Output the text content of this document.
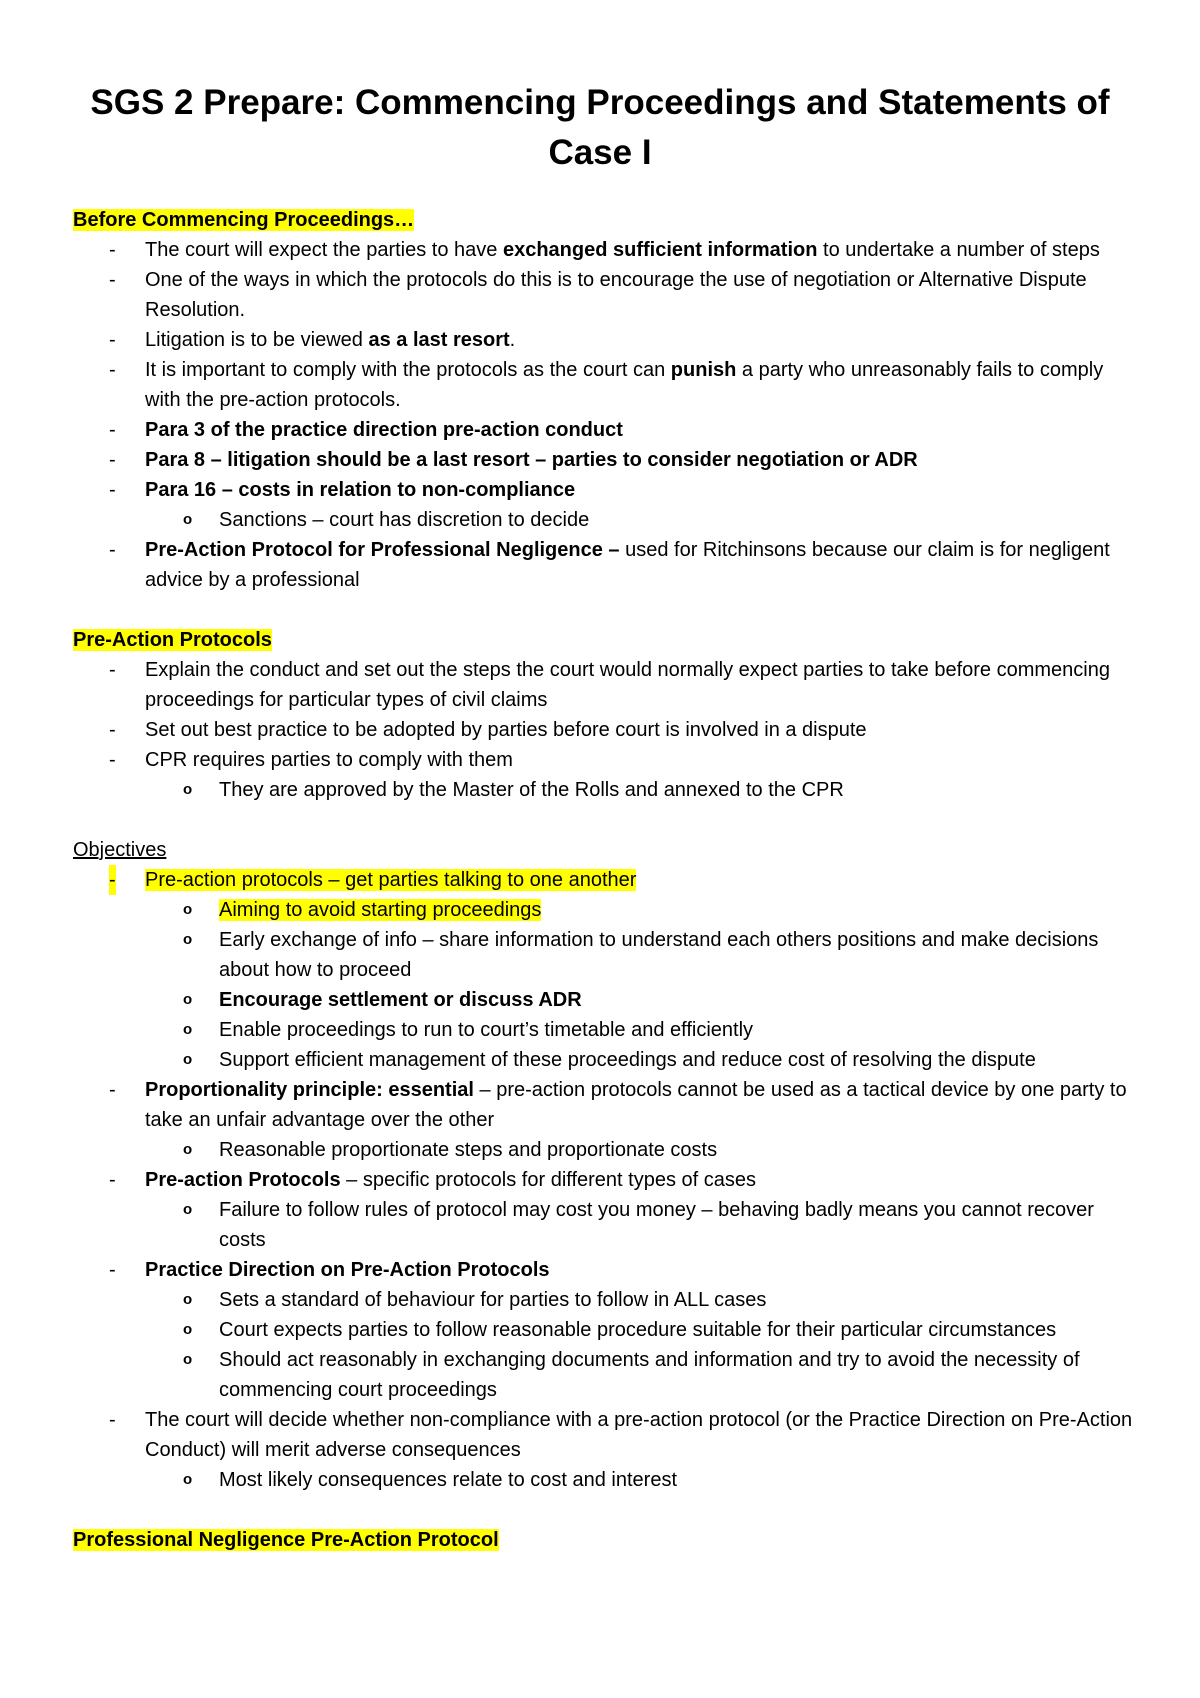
SGS 2 Prepare: Commencing Proceedings and Statements of
Case I

Before Commencing Proceedings…

- The court will expect the parties to have exchanged sufficient information to undertake a number of steps
- One of the ways in which the protocols do this is to encourage the use of negotiation or Alternative Dispute Resolution.
- Litigation is to be viewed as a last resort.
- It is important to comply with the protocols as the court can punish a party who unreasonably fails to comply with the pre-action protocols.
- Para 3 of the practice direction pre-action conduct
- Para 8 – litigation should be a last resort – parties to consider negotiation or ADR
- Para 16 – costs in relation to non-compliance
o Sanctions – court has discretion to decide
- Pre-Action Protocol for Professional Negligence – used for Ritchinsons because our claim is for negligent advice by a professional

Pre-Action Protocols

- Explain the conduct and set out the steps the court would normally expect parties to take before commencing proceedings for particular types of civil claims
- Set out best practice to be adopted by parties before court is involved in a dispute
- CPR requires parties to comply with them
o They are approved by the Master of the Rolls and annexed to the CPR

Objectives

- Pre-action protocols – get parties talking to one another
o Aiming to avoid starting proceedings
o Early exchange of info – share information to understand each others positions and make decisions about how to proceed
o Encourage settlement or discuss ADR
o Enable proceedings to run to court’s timetable and efficiently
o Support efficient management of these proceedings and reduce cost of resolving the dispute
- Proportionality principle: essential – pre-action protocols cannot be used as a tactical device by one party to take an unfair advantage over the other
o Reasonable proportionate steps and proportionate costs
- Pre-action Protocols – specific protocols for different types of cases
o Failure to follow rules of protocol may cost you money – behaving badly means you cannot recover costs
- Practice Direction on Pre-Action Protocols
o Sets a standard of behaviour for parties to follow in ALL cases
o Court expects parties to follow reasonable procedure suitable for their particular circumstances
o Should act reasonably in exchanging documents and information and try to avoid the necessity of commencing court proceedings
- The court will decide whether non-compliance with a pre-action protocol (or the Practice Direction on Pre-Action Conduct) will merit adverse consequences
o Most likely consequences relate to cost and interest

Professional Negligence Pre-Action Protocol
